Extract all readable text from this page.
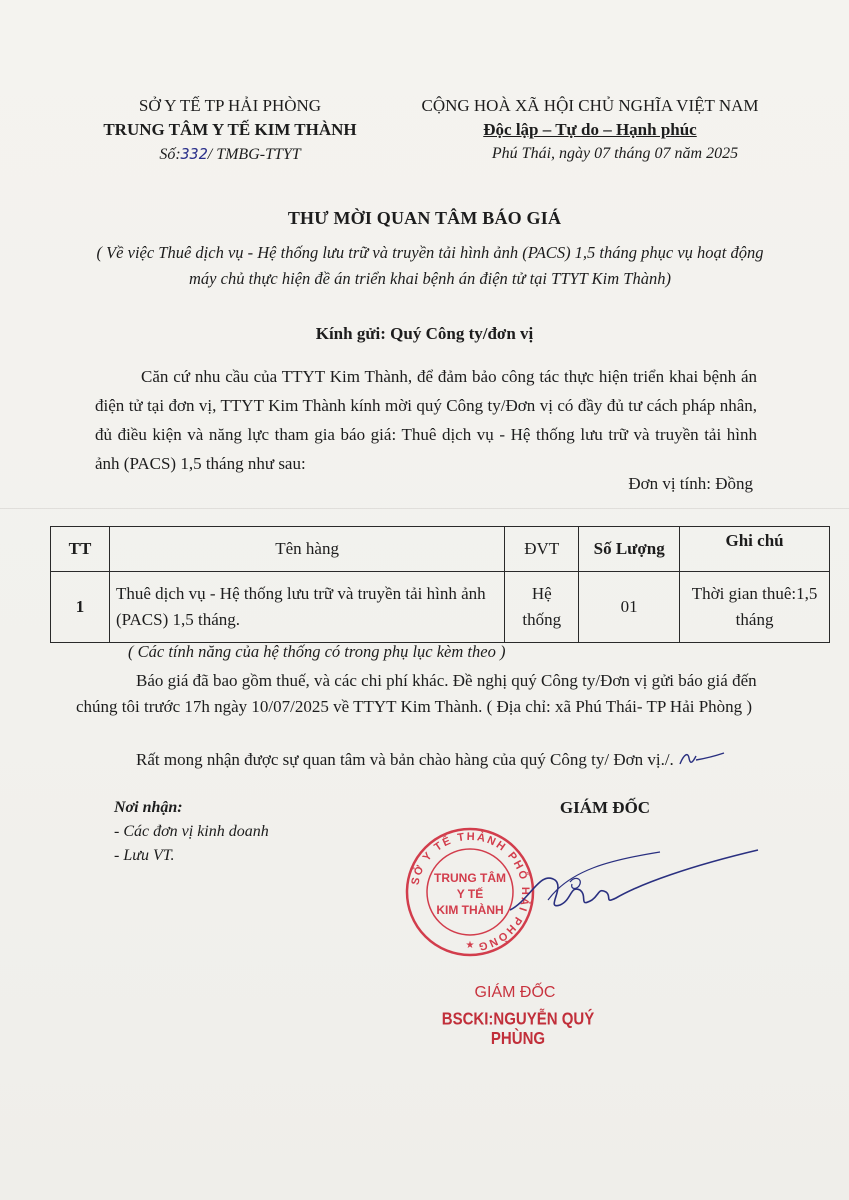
SỞ Y TẾ TP HẢI PHÒNG
TRUNG TÂM Y TẾ KIM THÀNH
Số:332/ TMBG-TTYT
CỘNG HOÀ XÃ HỘI CHỦ NGHĨA VIỆT NAM
Độc lập – Tự do – Hạnh phúc
Phú Thái, ngày 07 tháng 07 năm 2025
THƯ MỜI QUAN TÂM BÁO GIÁ
( Về việc Thuê dịch vụ - Hệ thống lưu trữ và truyền tải hình ảnh (PACS) 1,5 tháng phục vụ hoạt động máy chủ thực hiện đề án triển khai bệnh án điện tử tại TTYT Kim Thành)
Kính gửi: Quý Công ty/đơn vị
Căn cứ nhu cầu của TTYT Kim Thành, để đảm bảo công tác thực hiện triển khai bệnh án điện tử tại đơn vị, TTYT Kim Thành kính mời quý Công ty/Đơn vị có đầy đủ tư cách pháp nhân, đủ điều kiện và năng lực tham gia báo giá: Thuê dịch vụ - Hệ thống lưu trữ và truyền tải hình ảnh (PACS) 1,5 tháng như sau:
Đơn vị tính: Đồng
TT	Tên hàng	ĐVT	Số Lượng	Ghi chú
1	Thuê dịch vụ - Hệ thống lưu trữ và truyền tải hình ảnh (PACS) 1,5 tháng.	Hệ thống	01	Thời gian thuê:1,5 tháng
( Các tính năng của hệ thống có trong phụ lục kèm theo )
Báo giá đã bao gồm thuế, và các chi phí khác. Đề nghị quý Công ty/Đơn vị gửi báo giá đến chúng tôi trước 17h ngày 10/07/2025 về TTYT Kim Thành. ( Địa chỉ: xã Phú Thái- TP Hải Phòng )
Rất mong nhận được sự quan tâm và bản chào hàng của quý Công ty/ Đơn vị./.
Nơi nhận:
- Các đơn vị kinh doanh
- Lưu VT.
GIÁM ĐỐC
SỞ Y TẾ THÀNH PHỐ HẢI PHÒNG
★
TRUNG TÂM
Y TẾ
KIM THÀNH
GIÁM ĐỐC
BSCKI:NGUYỄN QUÝ PHÙNG
